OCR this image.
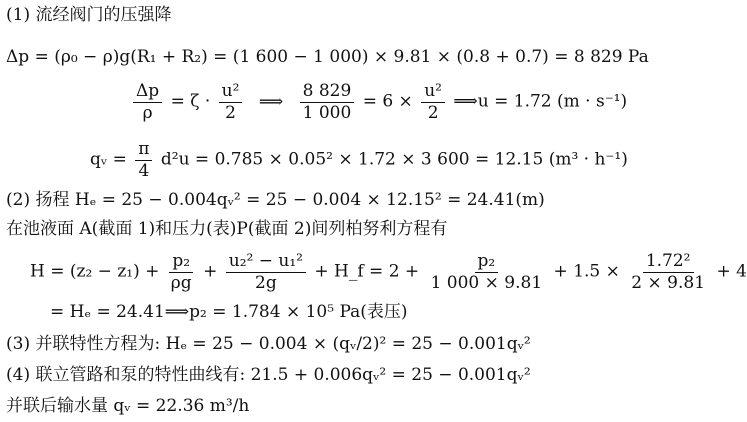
(1) 流经阀门的压强降
Δp = (ρ₀ − ρ)g(R₁ + R₂) = (1 600 − 1 000) × 9.81 × (0.8 + 0.7) = 8 829 Pa
$\frac{\Delta p}{\rho} = \zeta \cdot \frac{\text{u²}}{2}$ ⟹ $\frac{8 829}{1 000} = 6 \times \frac{\text{u²}}{2}$ ⟹u = 1.72 (m · s⁻¹)
qᵥ = $\frac{\pi}{4} d^2u = 0.785 \times 0.05^2 \times 1.72 \times 3$ 600 = 12.15 (m³ · h⁻¹)
(2) 扬程 Hₑ = 25 − 0.004qᵥ² = 25 − 0.004 × 12.15² = 24.41(m)
在池液面 A(截面 1)和压力(表)P(截面 2)间列柏努利方程有
$H = (z_2 - z_1) + \frac{\text{p₂}}{\rho g} + \frac{\text{u₂² − u₁²}}{2g}$ + H_f = $2 + \frac{\text{p₂}}{1 000 \times 9.81} + 1.5 \times \frac{\text{1.72²}}{2 \times 9.81} + 4$
= Hₑ = 24.41⟹p₂ = 1.784 × 10⁵ Pa(表压)
(3) 并联特性方程为: Hₑ = 25 − 0.004 × (qᵥ/2)² = 25 − 0.001qᵥ²
(4) 联立管路和泵的特性曲线有: 21.5 + 0.006qᵥ² = 25 − 0.001qᵥ²
并联后输水量 qᵥ = 22.36 m³/h
